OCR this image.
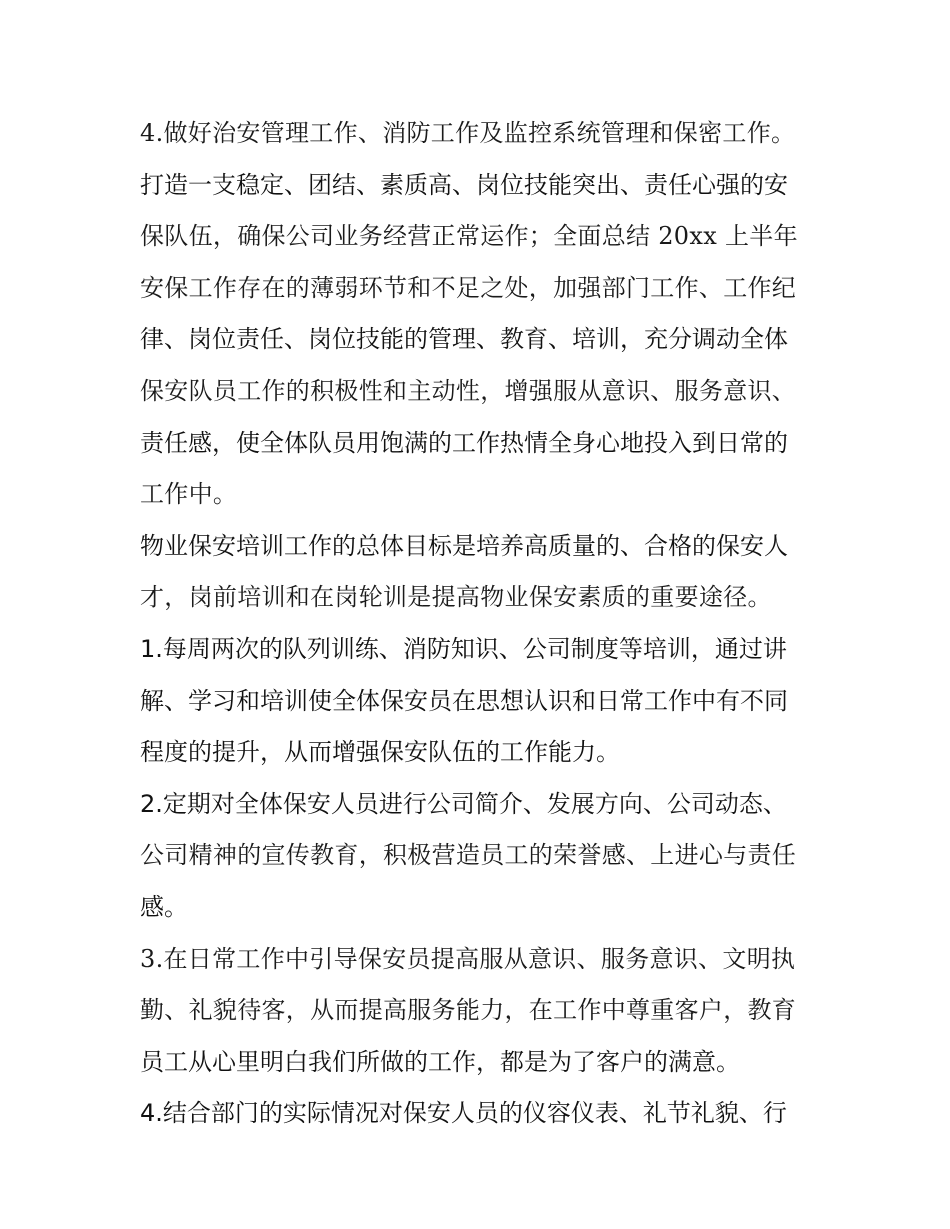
4.做好治安管理工作、消防工作及监控系统管理和保密工作。
打造一支稳定、团结、素质高、岗位技能突出、责任心强的安
保队伍，确保公司业务经营正常运作；全面总结 20xx 上半年
安保工作存在的薄弱环节和不足之处，加强部门工作、工作纪
律、岗位责任、岗位技能的管理、教育、培训，充分调动全体
保安队员工作的积极性和主动性，增强服从意识、服务意识、
责任感，使全体队员用饱满的工作热情全身心地投入到日常的
工作中。
物业保安培训工作的总体目标是培养高质量的、合格的保安人
才，岗前培训和在岗轮训是提高物业保安素质的重要途径。
1.每周两次的队列训练、消防知识、公司制度等培训，通过讲
解、学习和培训使全体保安员在思想认识和日常工作中有不同
程度的提升，从而增强保安队伍的工作能力。
2.定期对全体保安人员进行公司简介、发展方向、公司动态、
公司精神的宣传教育，积极营造员工的荣誉感、上进心与责任
感。
3.在日常工作中引导保安员提高服从意识、服务意识、文明执
勤、礼貌待客，从而提高服务能力，在工作中尊重客户，教育
员工从心里明白我们所做的工作，都是为了客户的满意。
4.结合部门的实际情况对保安人员的仪容仪表、礼节礼貌、行
